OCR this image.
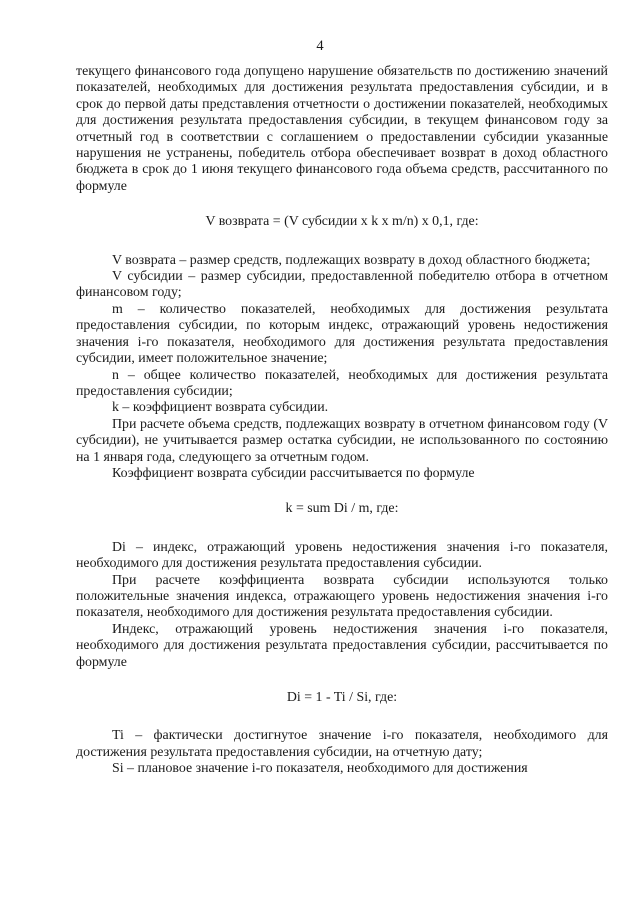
4

текущего финансового года допущено нарушение обязательств по достижению значений показателей, необходимых для достижения результата предоставления субсидии, и в срок до первой даты представления отчетности о достижении показателей, необходимых для достижения результата предоставления субсидии, в текущем финансовом году за отчетный год в соответствии с соглашением о предоставлении субсидии указанные нарушения не устранены, победитель отбора обеспечивает возврат в доход областного бюджета в срок до 1 июня текущего финансового года объема средств, рассчитанного по формуле

V возврата = (V субсидии x k x m/n) x 0,1, где:

V возврата – размер средств, подлежащих возврату в доход областного бюджета;

V субсидии – размер субсидии, предоставленной победителю отбора в отчетном финансовом году;

m – количество показателей, необходимых для достижения результата предоставления субсидии, по которым индекс, отражающий уровень недостижения значения i-го показателя, необходимого для достижения результата предоставления субсидии, имеет положительное значение;

n – общее количество показателей, необходимых для достижения результата предоставления субсидии;

k – коэффициент возврата субсидии.

При расчете объема средств, подлежащих возврату в отчетном финансовом году (V субсидии), не учитывается размер остатка субсидии, не использованного по состоянию на 1 января года, следующего за отчетным годом.

Коэффициент возврата субсидии рассчитывается по формуле

k = sum Di / m, где:

Di – индекс, отражающий уровень недостижения значения i-го показателя, необходимого для достижения результата предоставления субсидии.

При расчете коэффициента возврата субсидии используются только положительные значения индекса, отражающего уровень недостижения значения i-го показателя, необходимого для достижения результата предоставления субсидии.

Индекс, отражающий уровень недостижения значения i-го показателя, необходимого для достижения результата предоставления субсидии, рассчитывается по формуле

Di = 1 - Ti / Si, где:

Ti – фактически достигнутое значение i-го показателя, необходимого для достижения результата предоставления субсидии, на отчетную дату;

Si – плановое значение i-го показателя, необходимого для достижения
